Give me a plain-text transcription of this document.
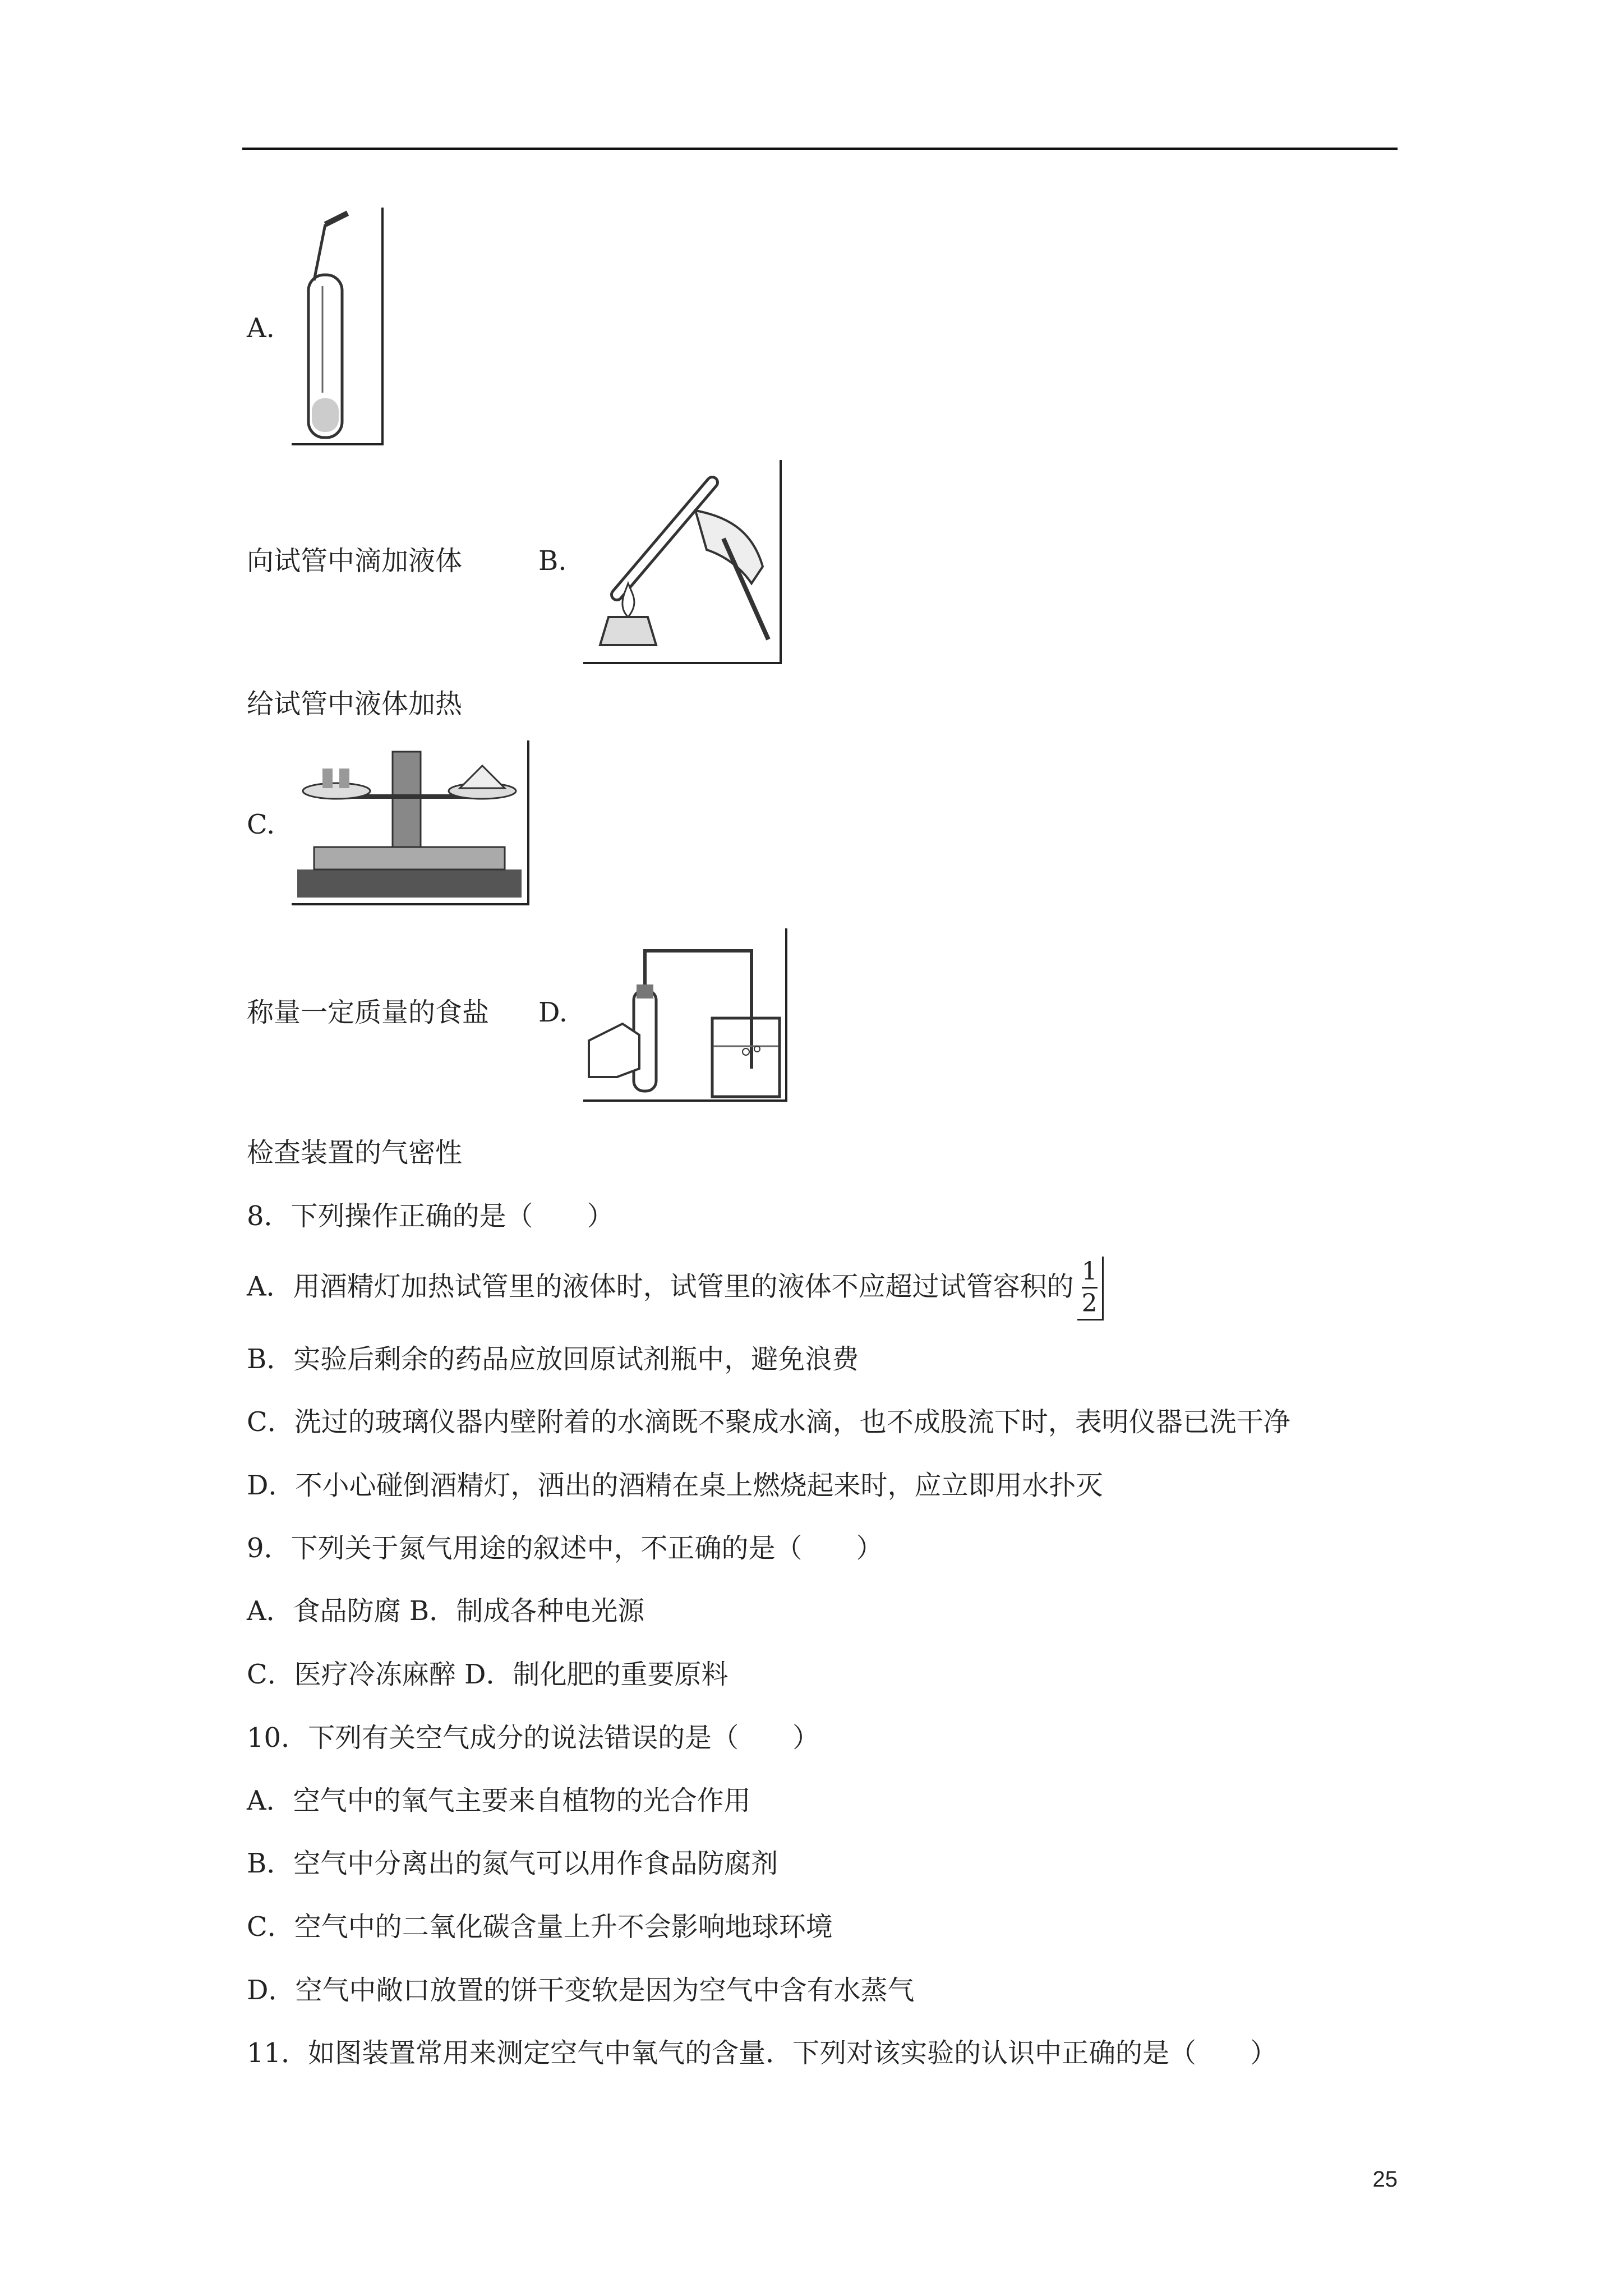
A.
向试管中滴加液体	B.
给试管中液体加热
C.
称量一定质量的食盐 D.
检查装置的气密性
8．下列操作正确的是（　　）
A．用酒精灯加热试管里的液体时，试管里的液体不应超过试管容积的 $\frac{1}{2}$
B．实验后剩余的药品应放回原试剂瓶中，避免浪费
C．洗过的玻璃仪器内壁附着的水滴既不聚成水滴，也不成股流下时，表明仪器已洗干净
D．不小心碰倒酒精灯，洒出的酒精在桌上燃烧起来时，应立即用水扑灭
9．下列关于氮气用途的叙述中，不正确的是（　　）
A．食品防腐 B．制成各种电光源
C．医疗冷冻麻醉 D．制化肥的重要原料
10．下列有关空气成分的说法错误的是（　　）
A．空气中的氧气主要来自植物的光合作用
B．空气中分离出的氮气可以用作食品防腐剂
C．空气中的二氧化碳含量上升不会影响地球环境
D．空气中敞口放置的饼干变软是因为空气中含有水蒸气
11．如图装置常用来测定空气中氧气的含量．下列对该实验的认识中正确的是（　　）
25
